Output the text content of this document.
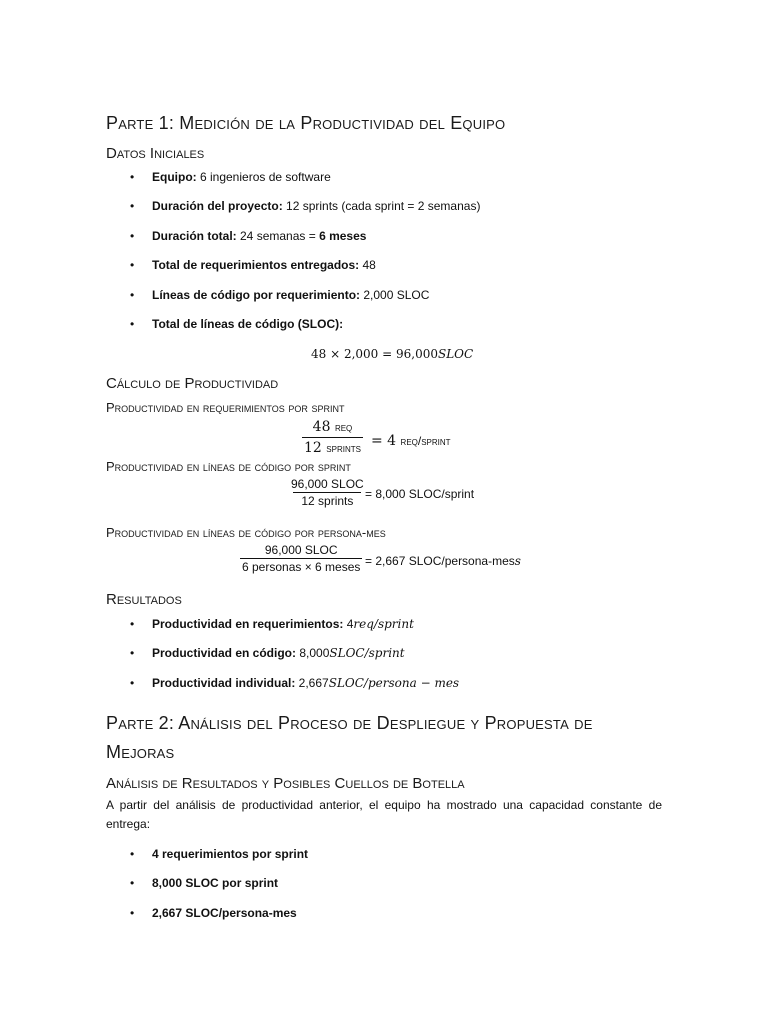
Parte 1: Medición de la Productividad del Equipo
Datos Iniciales
• Equipo: 6 ingenieros de software
• Duración del proyecto: 12 sprints (cada sprint = 2 semanas)
• Duración total: 24 semanas = 6 meses
• Total de requerimientos entregados: 48
• Líneas de código por requerimiento: 2,000 SLOC
• Total de líneas de código (SLOC):
48 × 2,000 = 96,000SLOC
Cálculo de Productividad
Productividad en requerimientos por sprint
48 req
12 sprints = 4 req/sprint
Productividad en líneas de código por sprint
96,000 SLOC
12 sprints = 8,000 SLOC/sprint
Productividad en líneas de código por persona-mes
96,000 SLOC
6 personas × 6 meses = 2,667 SLOC/persona-mess
Resultados
• Productividad en requerimientos: 4req/sprint
• Productividad en código: 8,000SLOC/sprint
• Productividad individual: 2,667SLOC/persona − mes
Parte 2: Análisis del Proceso de Despliegue y Propuesta de
Mejoras
Análisis de Resultados y Posibles Cuellos de Botella
A partir del análisis de productividad anterior, el equipo ha mostrado una capacidad constante de entrega:
• 4 requerimientos por sprint
• 8,000 SLOC por sprint
• 2,667 SLOC/persona-mes
